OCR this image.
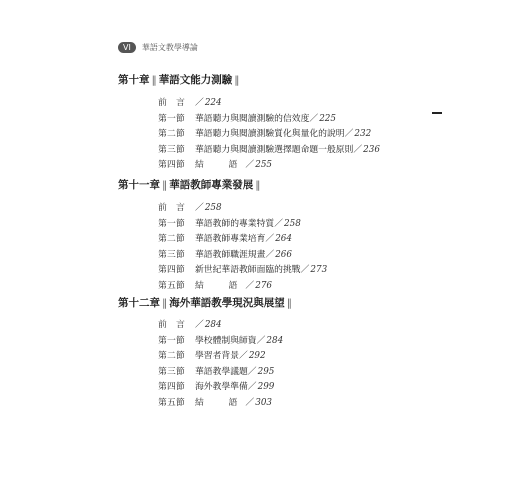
VI	華語文教學導論
第十章 ‖ 華語文能力測驗 ‖
前　言	／ 224
第一節	華語聽力與閱讀測驗的信效度 ／ 225
第二節	華語聽力與閱讀測驗質化與量化的說明 ／ 232
第三節	華語聽力與閱讀測驗選擇題命題一般原則 ／ 236
第四節	結　語 ／ 255
第十一章 ‖ 華語教師專業發展 ‖
前　言	／ 258
第一節	華語教師的專業特質 ／ 258
第二節	華語教師專業培育 ／ 264
第三節	華語教師職涯規畫 ／ 266
第四節	新世紀華語教師面臨的挑戰 ／ 273
第五節	結　語 ／ 276
第十二章 ‖ 海外華語教學現況與展望 ‖
前　言	／ 284
第一節	學校體制與師資 ／ 284
第二節	學習者背景 ／ 292
第三節	華語教學議題 ／ 295
第四節	海外教學準備 ／ 299
第五節	結　語 ／ 303
